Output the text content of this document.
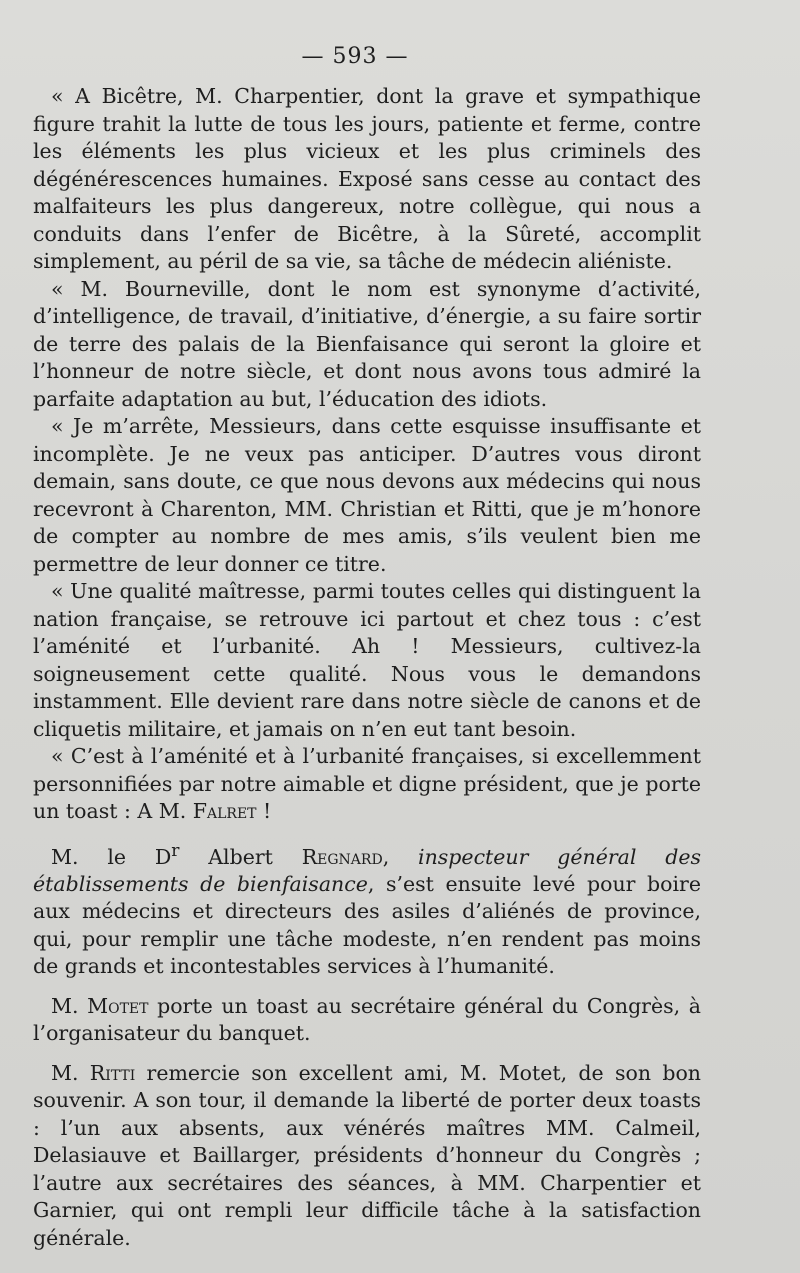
— 593 —

« A Bicêtre, M. Charpentier, dont la grave et sympathique figure trahit la lutte de tous les jours, patiente et ferme, contre les éléments les plus vicieux et les plus criminels des dégénérescences humaines. Exposé sans cesse au contact des malfaiteurs les plus dangereux, notre collègue, qui nous a conduits dans l’enfer de Bicêtre, à la Sûreté, accomplit simplement, au péril de sa vie, sa tâche de médecin aliéniste.

« M. Bourneville, dont le nom est synonyme d’activité, d’intelligence, de travail, d’initiative, d’énergie, a su faire sortir de terre des palais de la Bienfaisance qui seront la gloire et l’honneur de notre siècle, et dont nous avons tous admiré la parfaite adaptation au but, l’éducation des idiots.

« Je m’arrête, Messieurs, dans cette esquisse insuffisante et incomplète. Je ne veux pas anticiper. D’autres vous diront demain, sans doute, ce que nous devons aux médecins qui nous recevront à Charenton, MM. Christian et Ritti, que je m’honore de compter au nombre de mes amis, s’ils veulent bien me permettre de leur donner ce titre.

« Une qualité maîtresse, parmi toutes celles qui distinguent la nation française, se retrouve ici partout et chez tous : c’est l’aménité et l’urbanité. Ah ! Messieurs, cultivez-la soigneusement cette qualité. Nous vous le demandons instamment. Elle devient rare dans notre siècle de canons et de cliquetis militaire, et jamais on n’en eut tant besoin.

« C’est à l’aménité et à l’urbanité françaises, si excellemment personnifiées par notre aimable et digne président, que je porte un toast : A M. Falret !

M. le $D^r$ Albert Regnard, inspecteur général des établissements de bienfaisance, s’est ensuite levé pour boire aux médecins et directeurs des asiles d’aliénés de province, qui, pour remplir une tâche modeste, n’en rendent pas moins de grands et incontestables services à l’humanité.

M. Motet porte un toast au secrétaire général du Congrès, à l’organisateur du banquet.

M. Ritti remercie son excellent ami, M. Motet, de son bon souvenir. A son tour, il demande la liberté de porter deux toasts : l’un aux absents, aux vénérés maîtres MM. Calmeil, Delasiauve et Baillarger, présidents d’honneur du Congrès ; l’autre aux secrétaires des séances, à MM. Charpentier et Garnier, qui ont rempli leur difficile tâche à la satisfaction générale.
